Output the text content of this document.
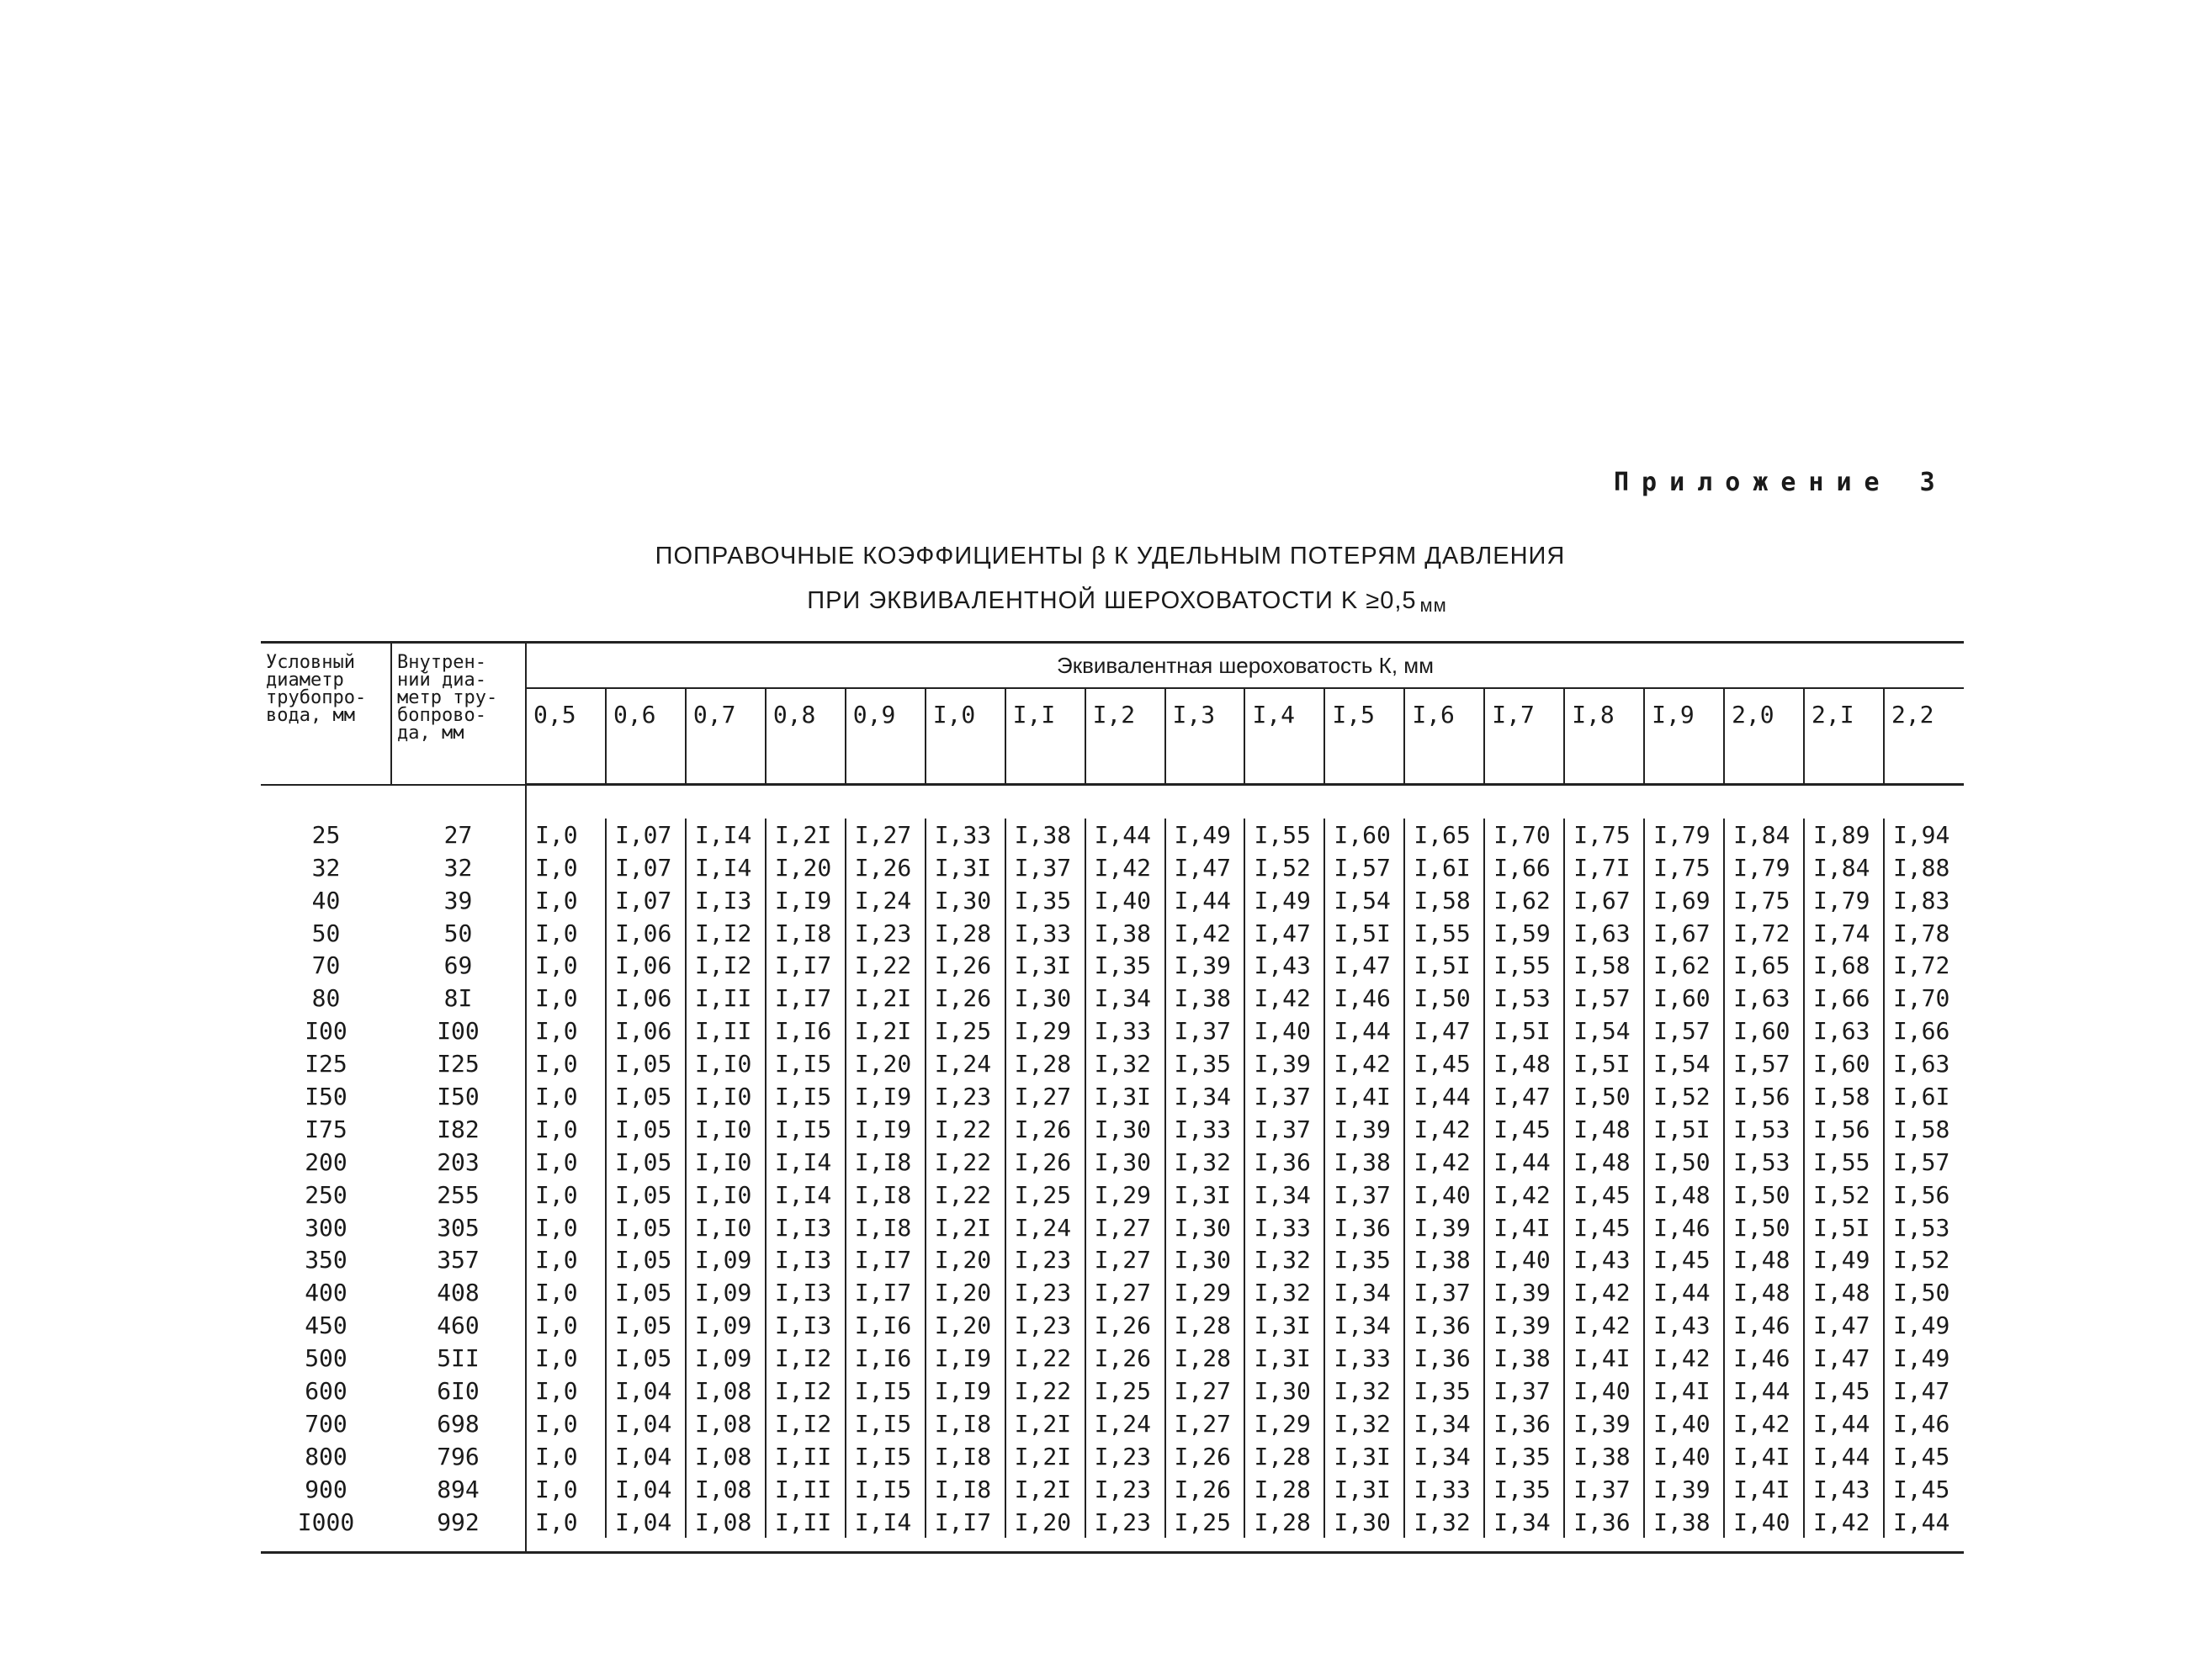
Приложение 3
ПОПРАВОЧНЫЕ КОЭФФИЦИЕНТЫ β К УДЕЛЬНЫМ ПОТЕРЯМ ДАВЛЕНИЯ
ПРИ ЭКВИВАЛЕНТНОЙ ШЕРОХОВАТОСТИ K ≥0,5 мм
Условный
диаметр
трубопро-
вода, мм	Внутрен-
ний диа-
метр тру-
бопрово-
да, мм	Эквивалентная шероховатость К, мм																	
		0,5	0,6	0,7	0,8	0,9	I,0	I,I	I,2	I,3	I,4	I,5	I,6	I,7	I,8	I,9	2,0	2,I	2,2

25	27	I,0	I,07	I,I4	I,2I	I,27	I,33	I,38	I,44	I,49	I,55	I,60	I,65	I,70	I,75	I,79	I,84	I,89	I,94
32	32	I,0	I,07	I,I4	I,20	I,26	I,3I	I,37	I,42	I,47	I,52	I,57	I,6I	I,66	I,7I	I,75	I,79	I,84	I,88
40	39	I,0	I,07	I,I3	I,I9	I,24	I,30	I,35	I,40	I,44	I,49	I,54	I,58	I,62	I,67	I,69	I,75	I,79	I,83
50	50	I,0	I,06	I,I2	I,I8	I,23	I,28	I,33	I,38	I,42	I,47	I,5I	I,55	I,59	I,63	I,67	I,72	I,74	I,78
70	69	I,0	I,06	I,I2	I,I7	I,22	I,26	I,3I	I,35	I,39	I,43	I,47	I,5I	I,55	I,58	I,62	I,65	I,68	I,72
80	8I	I,0	I,06	I,II	I,I7	I,2I	I,26	I,30	I,34	I,38	I,42	I,46	I,50	I,53	I,57	I,60	I,63	I,66	I,70
I00	I00	I,0	I,06	I,II	I,I6	I,2I	I,25	I,29	I,33	I,37	I,40	I,44	I,47	I,5I	I,54	I,57	I,60	I,63	I,66
I25	I25	I,0	I,05	I,I0	I,I5	I,20	I,24	I,28	I,32	I,35	I,39	I,42	I,45	I,48	I,5I	I,54	I,57	I,60	I,63
I50	I50	I,0	I,05	I,I0	I,I5	I,I9	I,23	I,27	I,3I	I,34	I,37	I,4I	I,44	I,47	I,50	I,52	I,56	I,58	I,6I
I75	I82	I,0	I,05	I,I0	I,I5	I,I9	I,22	I,26	I,30	I,33	I,37	I,39	I,42	I,45	I,48	I,5I	I,53	I,56	I,58
200	203	I,0	I,05	I,I0	I,I4	I,I8	I,22	I,26	I,30	I,32	I,36	I,38	I,42	I,44	I,48	I,50	I,53	I,55	I,57
250	255	I,0	I,05	I,I0	I,I4	I,I8	I,22	I,25	I,29	I,3I	I,34	I,37	I,40	I,42	I,45	I,48	I,50	I,52	I,56
300	305	I,0	I,05	I,I0	I,I3	I,I8	I,2I	I,24	I,27	I,30	I,33	I,36	I,39	I,4I	I,45	I,46	I,50	I,5I	I,53
350	357	I,0	I,05	I,09	I,I3	I,I7	I,20	I,23	I,27	I,30	I,32	I,35	I,38	I,40	I,43	I,45	I,48	I,49	I,52
400	408	I,0	I,05	I,09	I,I3	I,I7	I,20	I,23	I,27	I,29	I,32	I,34	I,37	I,39	I,42	I,44	I,48	I,48	I,50
450	460	I,0	I,05	I,09	I,I3	I,I6	I,20	I,23	I,26	I,28	I,3I	I,34	I,36	I,39	I,42	I,43	I,46	I,47	I,49
500	5II	I,0	I,05	I,09	I,I2	I,I6	I,I9	I,22	I,26	I,28	I,3I	I,33	I,36	I,38	I,4I	I,42	I,46	I,47	I,49
600	6I0	I,0	I,04	I,08	I,I2	I,I5	I,I9	I,22	I,25	I,27	I,30	I,32	I,35	I,37	I,40	I,4I	I,44	I,45	I,47
700	698	I,0	I,04	I,08	I,I2	I,I5	I,I8	I,2I	I,24	I,27	I,29	I,32	I,34	I,36	I,39	I,40	I,42	I,44	I,46
800	796	I,0	I,04	I,08	I,II	I,I5	I,I8	I,2I	I,23	I,26	I,28	I,3I	I,34	I,35	I,38	I,40	I,4I	I,44	I,45
900	894	I,0	I,04	I,08	I,II	I,I5	I,I8	I,2I	I,23	I,26	I,28	I,3I	I,33	I,35	I,37	I,39	I,4I	I,43	I,45
I000	992	I,0	I,04	I,08	I,II	I,I4	I,I7	I,20	I,23	I,25	I,28	I,30	I,32	I,34	I,36	I,38	I,40	I,42	I,44
